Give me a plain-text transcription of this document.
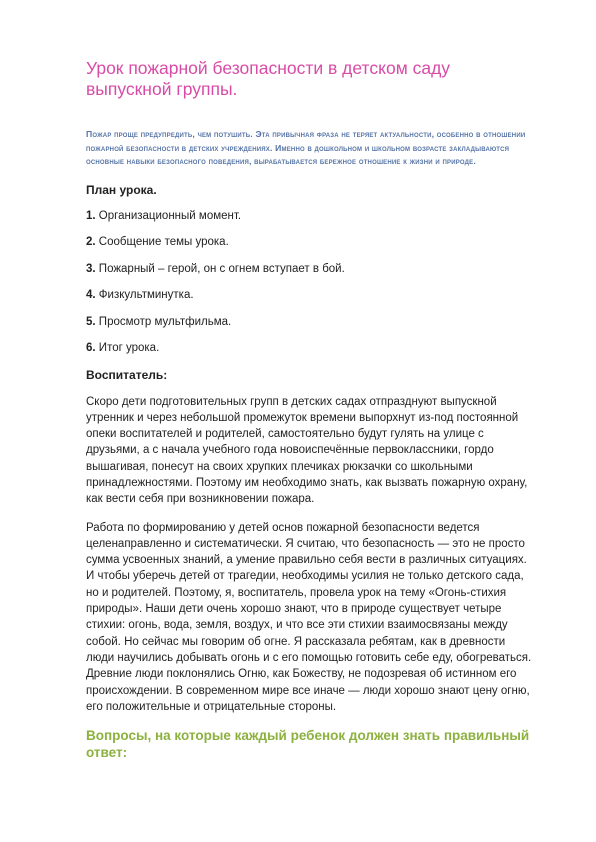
Урок пожарной безопасности в детском саду выпускной группы.

Пожар проще предупредить, чем потушить. Эта привычная фраза не теряет актуальности, особенно в отношении пожарной безопасности в детских учреждениях. Именно в дошкольном и школьном возрасте закладываются основные навыки безопасного поведения, вырабатывается бережное отношение к жизни и природе.

План урока.
1. Организационный момент.
2. Сообщение темы урока.
3. Пожарный – герой, он с огнем вступает в бой.
4. Физкультминутка.
5. Просмотр мультфильма.
6. Итог урока.
Воспитатель:

Скоро дети подготовительных групп в детских садах отпразднуют выпускной утренник и через небольшой промежуток времени выпорхнут из-под постоянной опеки воспитателей и родителей, самостоятельно будут гулять на улице с друзьями, а с начала учебного года новоиспечённые первоклассники, гордо вышагивая, понесут на своих хрупких плечиках рюкзачки со школьными принадлежностями. Поэтому им необходимо знать, как вызвать пожарную охрану, как вести себя при возникновении пожара.

Работа по формированию у детей основ пожарной безопасности ведется целенаправленно и систематически. Я считаю, что безопасность — это не просто сумма усвоенных знаний, а умение правильно себя вести в различных ситуациях. И чтобы уберечь детей от трагедии, необходимы усилия не только детского сада, но и родителей. Поэтому, я, воспитатель, провела урок на тему «Огонь-стихия природы». Наши дети очень хорошо знают, что в природе существует четыре стихии: огонь, вода, земля, воздух, и что все эти стихии взаимосвязаны между собой. Но сейчас мы говорим об огне. Я рассказала ребятам, как в древности люди научились добывать огонь и с его помощью готовить себе еду, обогреваться. Древние люди поклонялись Огню, как Божеству, не подозревая об истинном его происхождении. В современном мире все иначе — люди хорошо знают цену огню, его положительные и отрицательные стороны.

Вопросы, на которые каждый ребенок должен знать правильный ответ:
